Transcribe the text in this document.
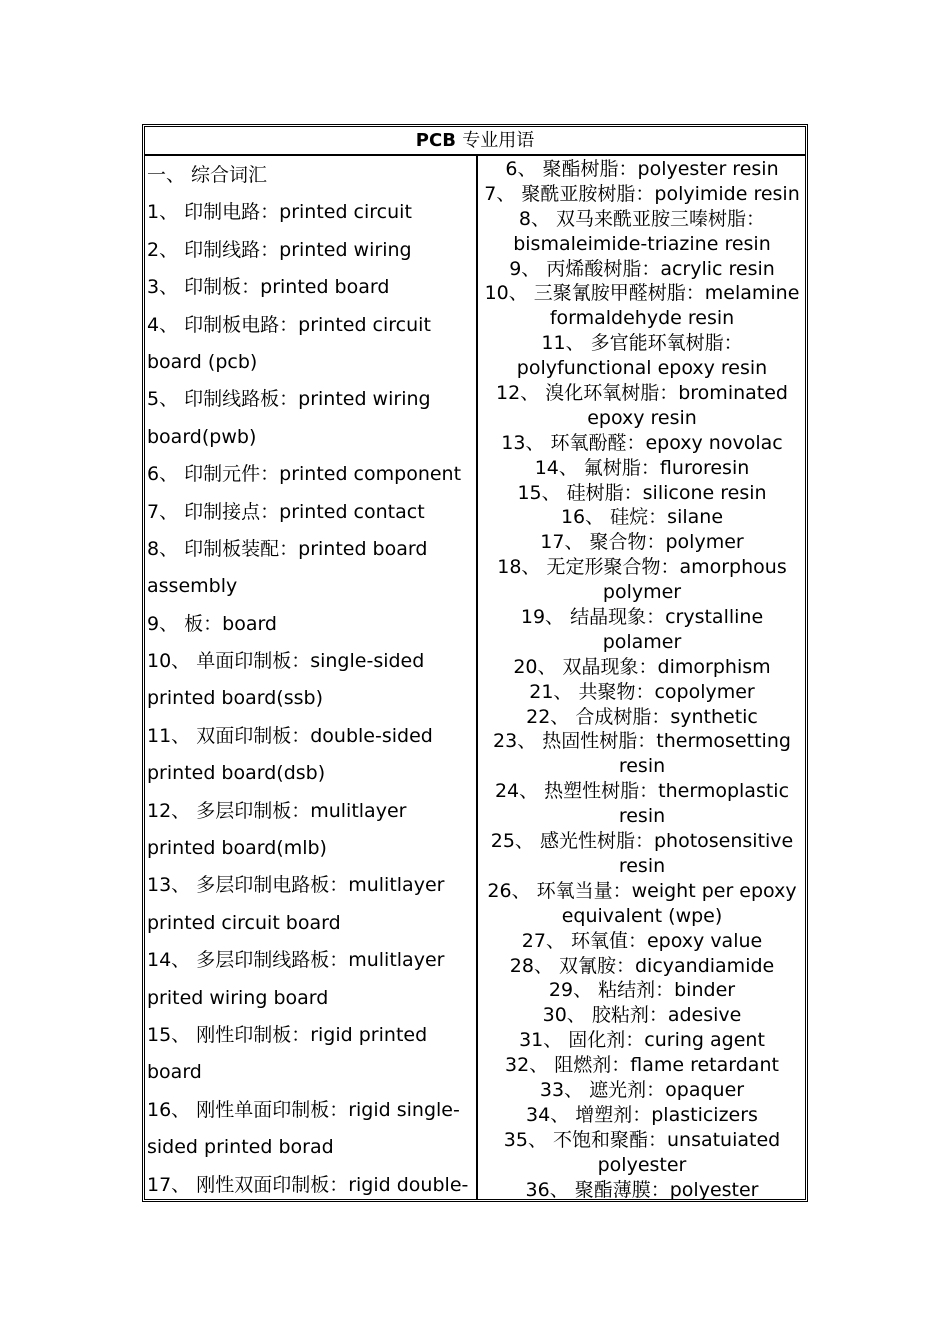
PCB 专业用语
一、 综合词汇
1、 印制电路：printed circuit
2、 印制线路：printed wiring
3、 印制板：printed board
4、 印制板电路：printed circuit
board (pcb)
5、 印制线路板：printed wiring
board(pwb)
6、 印制元件：printed component
7、 印制接点：printed contact
8、 印制板装配：printed board
assembly
9、 板：board
10、 单面印制板：single-sided
printed board(ssb)
11、 双面印制板：double-sided
printed board(dsb)
12、 多层印制板：mulitlayer
printed board(mlb)
13、 多层印制电路板：mulitlayer
printed circuit board
14、 多层印制线路板：mulitlayer
prited wiring board
15、 刚性印制板：rigid printed
board
16、 刚性单面印制板：rigid single-
sided printed borad
17、 刚性双面印制板：rigid double-
6、 聚酯树脂：polyester resin
7、 聚酰亚胺树脂：polyimide resin
8、 双马来酰亚胺三嗪树脂：
bismaleimide-triazine resin
9、 丙烯酸树脂：acrylic resin
10、 三聚氰胺甲醛树脂：melamine
formaldehyde resin
11、 多官能环氧树脂：
polyfunctional epoxy resin
12、 溴化环氧树脂：brominated
epoxy resin
13、 环氧酚醛：epoxy novolac
14、 氟树脂：fluroresin
15、 硅树脂：silicone resin
16、 硅烷：silane
17、 聚合物：polymer
18、 无定形聚合物：amorphous
polymer
19、 结晶现象：crystalline
polamer
20、 双晶现象：dimorphism
21、 共聚物：copolymer
22、 合成树脂：synthetic
23、 热固性树脂：thermosetting
resin
24、 热塑性树脂：thermoplastic
resin
25、 感光性树脂：photosensitive
resin
26、 环氧当量：weight per epoxy
equivalent (wpe)
27、 环氧值：epoxy value
28、 双氰胺：dicyandiamide
29、 粘结剂：binder
30、 胶粘剂：adesive
31、 固化剂：curing agent
32、 阻燃剂：flame retardant
33、 遮光剂：opaquer
34、 增塑剂：plasticizers
35、 不饱和聚酯：unsatuiated
polyester
36、 聚酯薄膜：polyester
